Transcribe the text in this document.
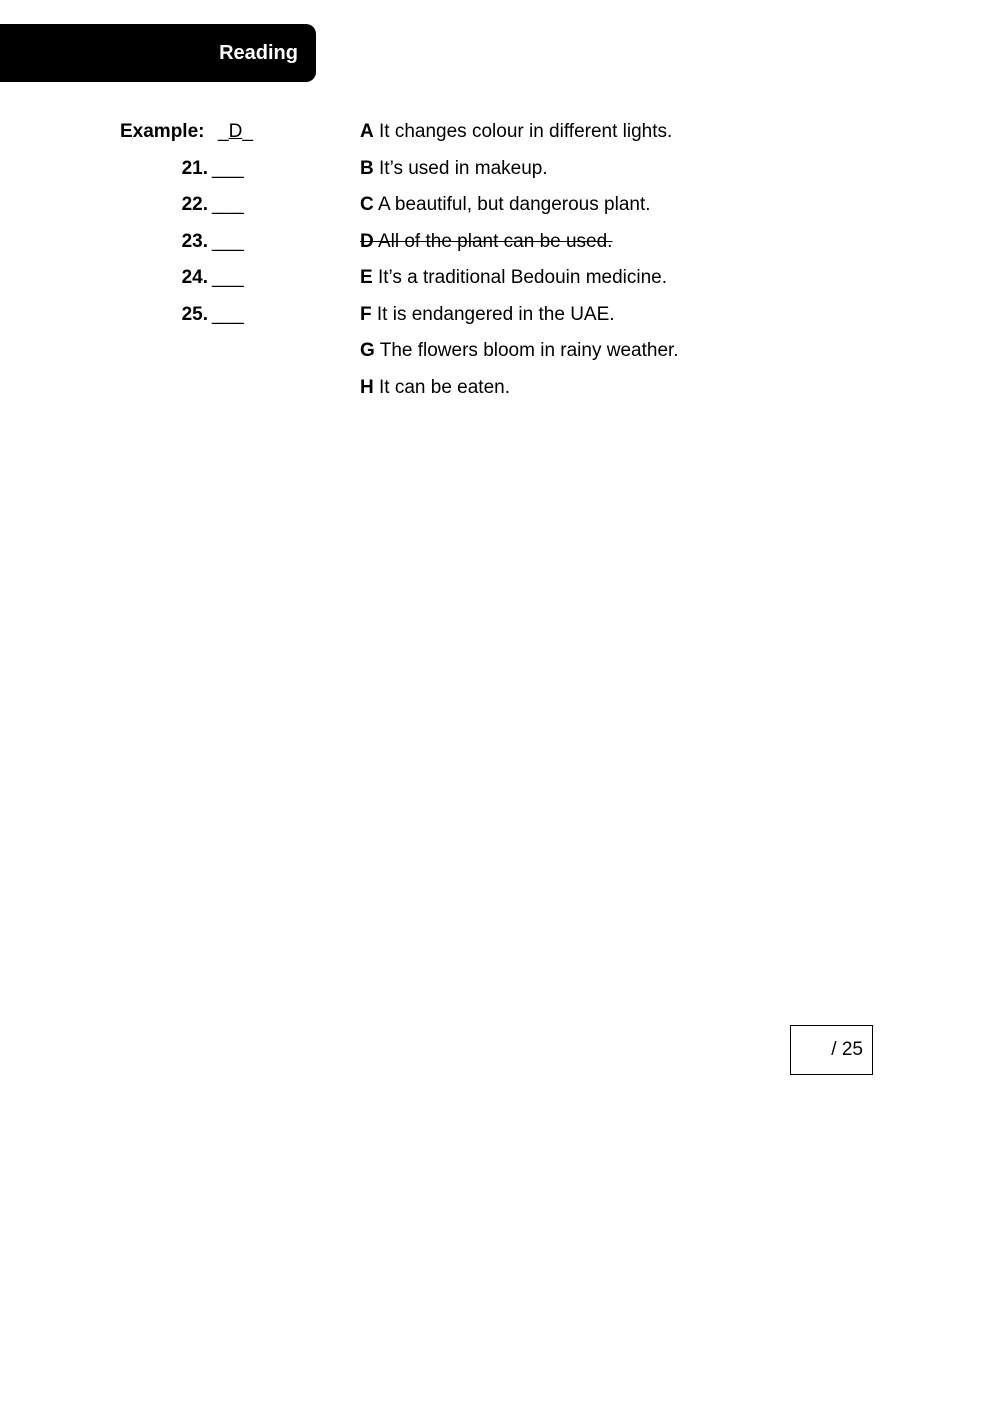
Reading
Example: _D_
21. ___
22. ___
23. ___
24. ___
25. ___
A It changes colour in different lights.
B It’s used in makeup.
C A beautiful, but dangerous plant.
D All of the plant can be used.
E It’s a traditional Bedouin medicine.
F It is endangered in the UAE.
G The flowers bloom in rainy weather.
H It can be eaten.
/ 25
